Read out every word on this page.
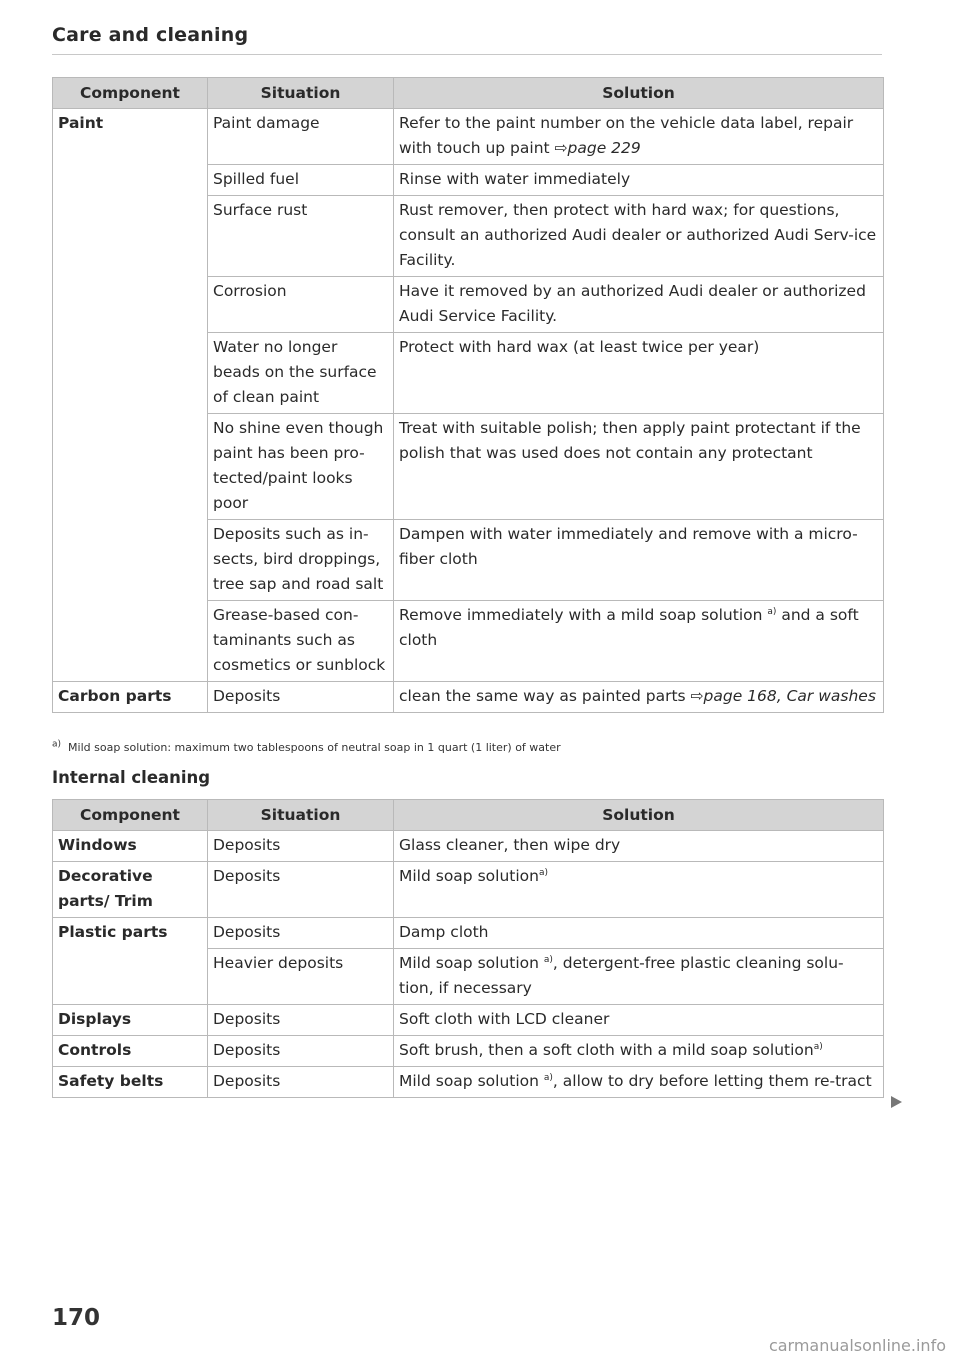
Care and cleaning
Component	Situation	Solution
Paint	Paint damage	Refer to the paint number on the vehicle data label, repair with touch up paint ⇨page 229
	Spilled fuel	Rinse with water immediately
	Surface rust	Rust remover, then protect with hard wax; for questions, consult an authorized Audi dealer or authorized Audi Serv-ice Facility.
	Corrosion	Have it removed by an authorized Audi dealer or authorized Audi Service Facility.
	Water no longer beads on the surface of clean paint	Protect with hard wax (at least twice per year)
	No shine even though paint has been pro-tected/paint looks poor	Treat with suitable polish; then apply paint protectant if the polish that was used does not contain any protectant
	Deposits such as in-sects, bird droppings, tree sap and road salt	Dampen with water immediately and remove with a micro-fiber cloth
	Grease-based con-taminants such as cosmetics or sunblock	Remove immediately with a mild soap solution $^{a)}$ and a soft cloth
Carbon parts	Deposits	clean the same way as painted parts ⇨page 168, Car washes
$^{a)}$ Mild soap solution: maximum two tablespoons of neutral soap in 1 quart (1 liter) of water
Internal cleaning
Component	Situation	Solution
Windows	Deposits	Glass cleaner, then wipe dry
Decorative parts/ Trim	Deposits	Mild soap solution$^{a)}$
Plastic parts	Deposits	Damp cloth
	Heavier deposits	Mild soap solution $^{a)}$, detergent-free plastic cleaning solu-tion, if necessary
Displays	Deposits	Soft cloth with LCD cleaner
Controls	Deposits	Soft brush, then a soft cloth with a mild soap solution$^{a)}$
Safety belts	Deposits	Mild soap solution $^{a)}$, allow to dry before letting them re-tract
170
carmanualsonline.info
